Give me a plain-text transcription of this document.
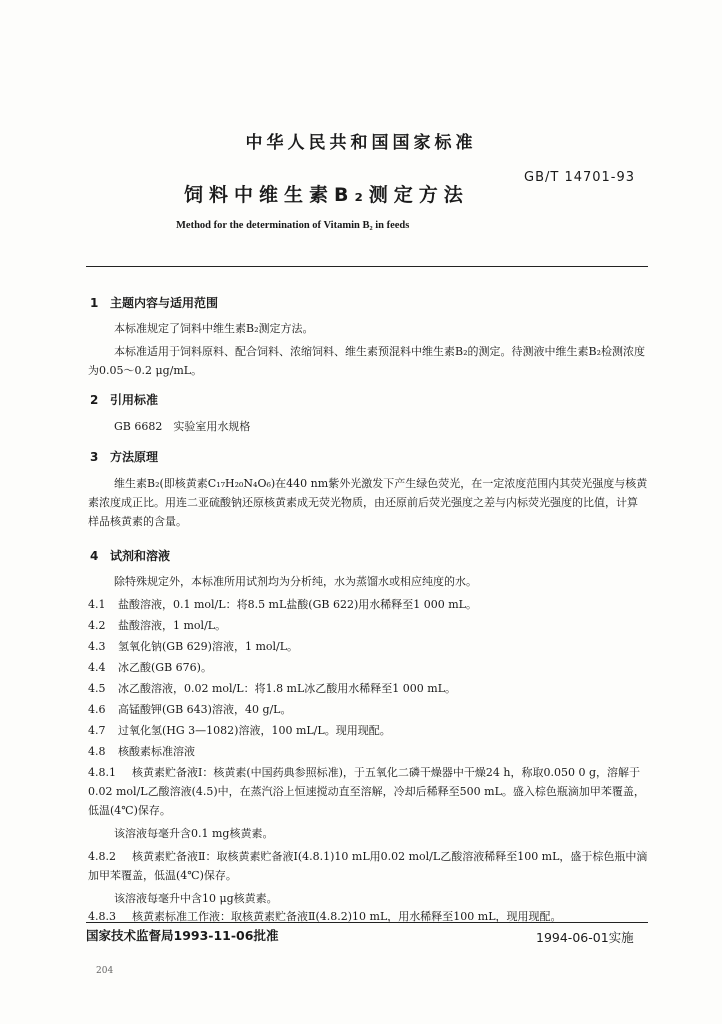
中华人民共和国国家标准
GB/T 14701-93
饲料中维生素B₂测定方法
Method for the determination of Vitamin B₂ in feeds
1 主题内容与适用范围
本标准规定了饲料中维生素B₂测定方法。
本标准适用于饲料原料、配合饲料、浓缩饲料、维生素预混料中维生素B₂的测定。待测液中维生素B₂检测浓度为0.05～0.2 μg/mL。
2 引用标准
GB 6682　实验室用水规格
3 方法原理
维生素B₂(即核黄素C₁₇H₂₀N₄O₆)在440 nm紫外光激发下产生绿色荧光，在一定浓度范围内其荧光强度与核黄素浓度成正比。用连二亚硫酸钠还原核黄素成无荧光物质，由还原前后荧光强度之差与内标荧光强度的比值，计算样品核黄素的含量。
4 试剂和溶液
除特殊规定外，本标准所用试剂均为分析纯，水为蒸馏水或相应纯度的水。
4.1 盐酸溶液，0.1 mol/L：将8.5 mL盐酸(GB 622)用水稀释至1 000 mL。
4.2 盐酸溶液，1 mol/L。
4.3 氢氧化钠(GB 629)溶液，1 mol/L。
4.4 冰乙酸(GB 676)。
4.5 冰乙酸溶液，0.02 mol/L：将1.8 mL冰乙酸用水稀释至1 000 mL。
4.6 高锰酸钾(GB 643)溶液，40 g/L。
4.7 过氧化氢(HG 3—1082)溶液，100 mL/L。现用现配。
4.8 核酸素标准溶液
4.8.1 核黄素贮备液Ⅰ：核黄素(中国药典参照标准)，于五氧化二磷干燥器中干燥24 h，称取0.050 0 g，溶解于0.02 mol/L乙酸溶液(4.5)中，在蒸汽浴上恒速搅动直至溶解，冷却后稀释至500 mL。盛入棕色瓶滴加甲苯覆盖，低温(4℃)保存。
该溶液每毫升含0.1 mg核黄素。
4.8.2 核黄素贮备液Ⅱ：取核黄素贮备液Ⅰ(4.8.1)10 mL用0.02 mol/L乙酸溶液稀释至100 mL，盛于棕色瓶中滴加甲苯覆盖，低温(4℃)保存。
该溶液每毫升中含10 μg核黄素。
4.8.3 核黄素标准工作液：取核黄素贮备液Ⅱ(4.8.2)10 mL，用水稀释至100 mL，现用现配。
国家技术监督局1993-11-06批准	1994-06-01实施
204
